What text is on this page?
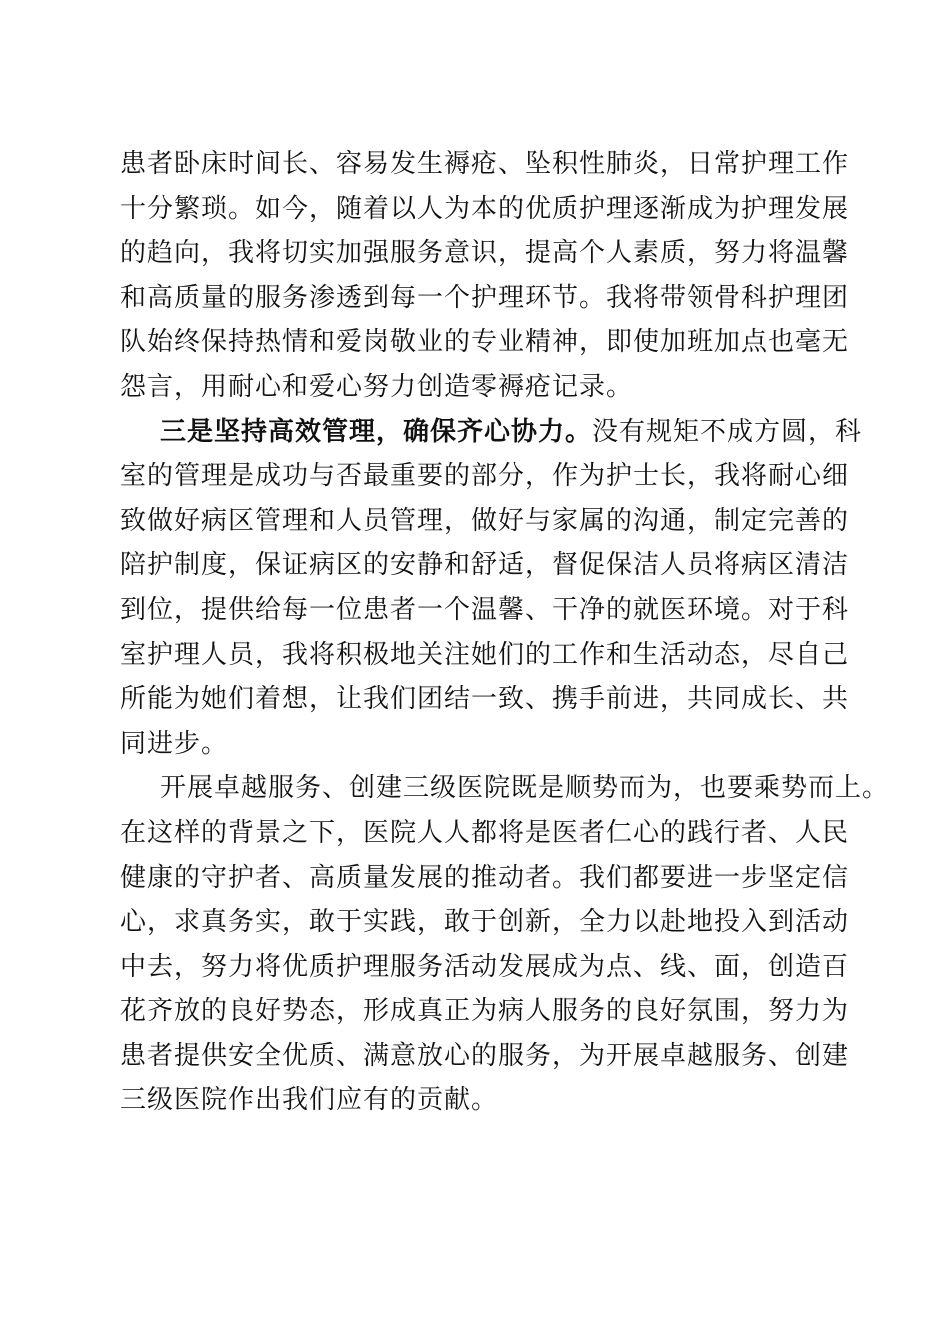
患者卧床时间长、容易发生褥疮、坠积性肺炎，日常护理工作
十分繁琐。如今，随着以人为本的优质护理逐渐成为护理发展
的趋向，我将切实加强服务意识，提高个人素质，努力将温馨
和高质量的服务渗透到每一个护理环节。我将带领骨科护理团
队始终保持热情和爱岗敬业的专业精神，即使加班加点也毫无
怨言，用耐心和爱心努力创造零褥疮记录。
三是坚持高效管理，确保齐心协力。没有规矩不成方圆，科
室的管理是成功与否最重要的部分，作为护士长，我将耐心细
致做好病区管理和人员管理，做好与家属的沟通，制定完善的
陪护制度，保证病区的安静和舒适，督促保洁人员将病区清洁
到位，提供给每一位患者一个温馨、干净的就医环境。对于科
室护理人员，我将积极地关注她们的工作和生活动态，尽自己
所能为她们着想，让我们团结一致、携手前进，共同成长、共
同进步。
开展卓越服务、创建三级医院既是顺势而为，也要乘势而上。
在这样的背景之下，医院人人都将是医者仁心的践行者、人民
健康的守护者、高质量发展的推动者。我们都要进一步坚定信
心，求真务实，敢于实践，敢于创新，全力以赴地投入到活动
中去，努力将优质护理服务活动发展成为点、线、面，创造百
花齐放的良好势态，形成真正为病人服务的良好氛围，努力为
患者提供安全优质、满意放心的服务，为开展卓越服务、创建
三级医院作出我们应有的贡献。
